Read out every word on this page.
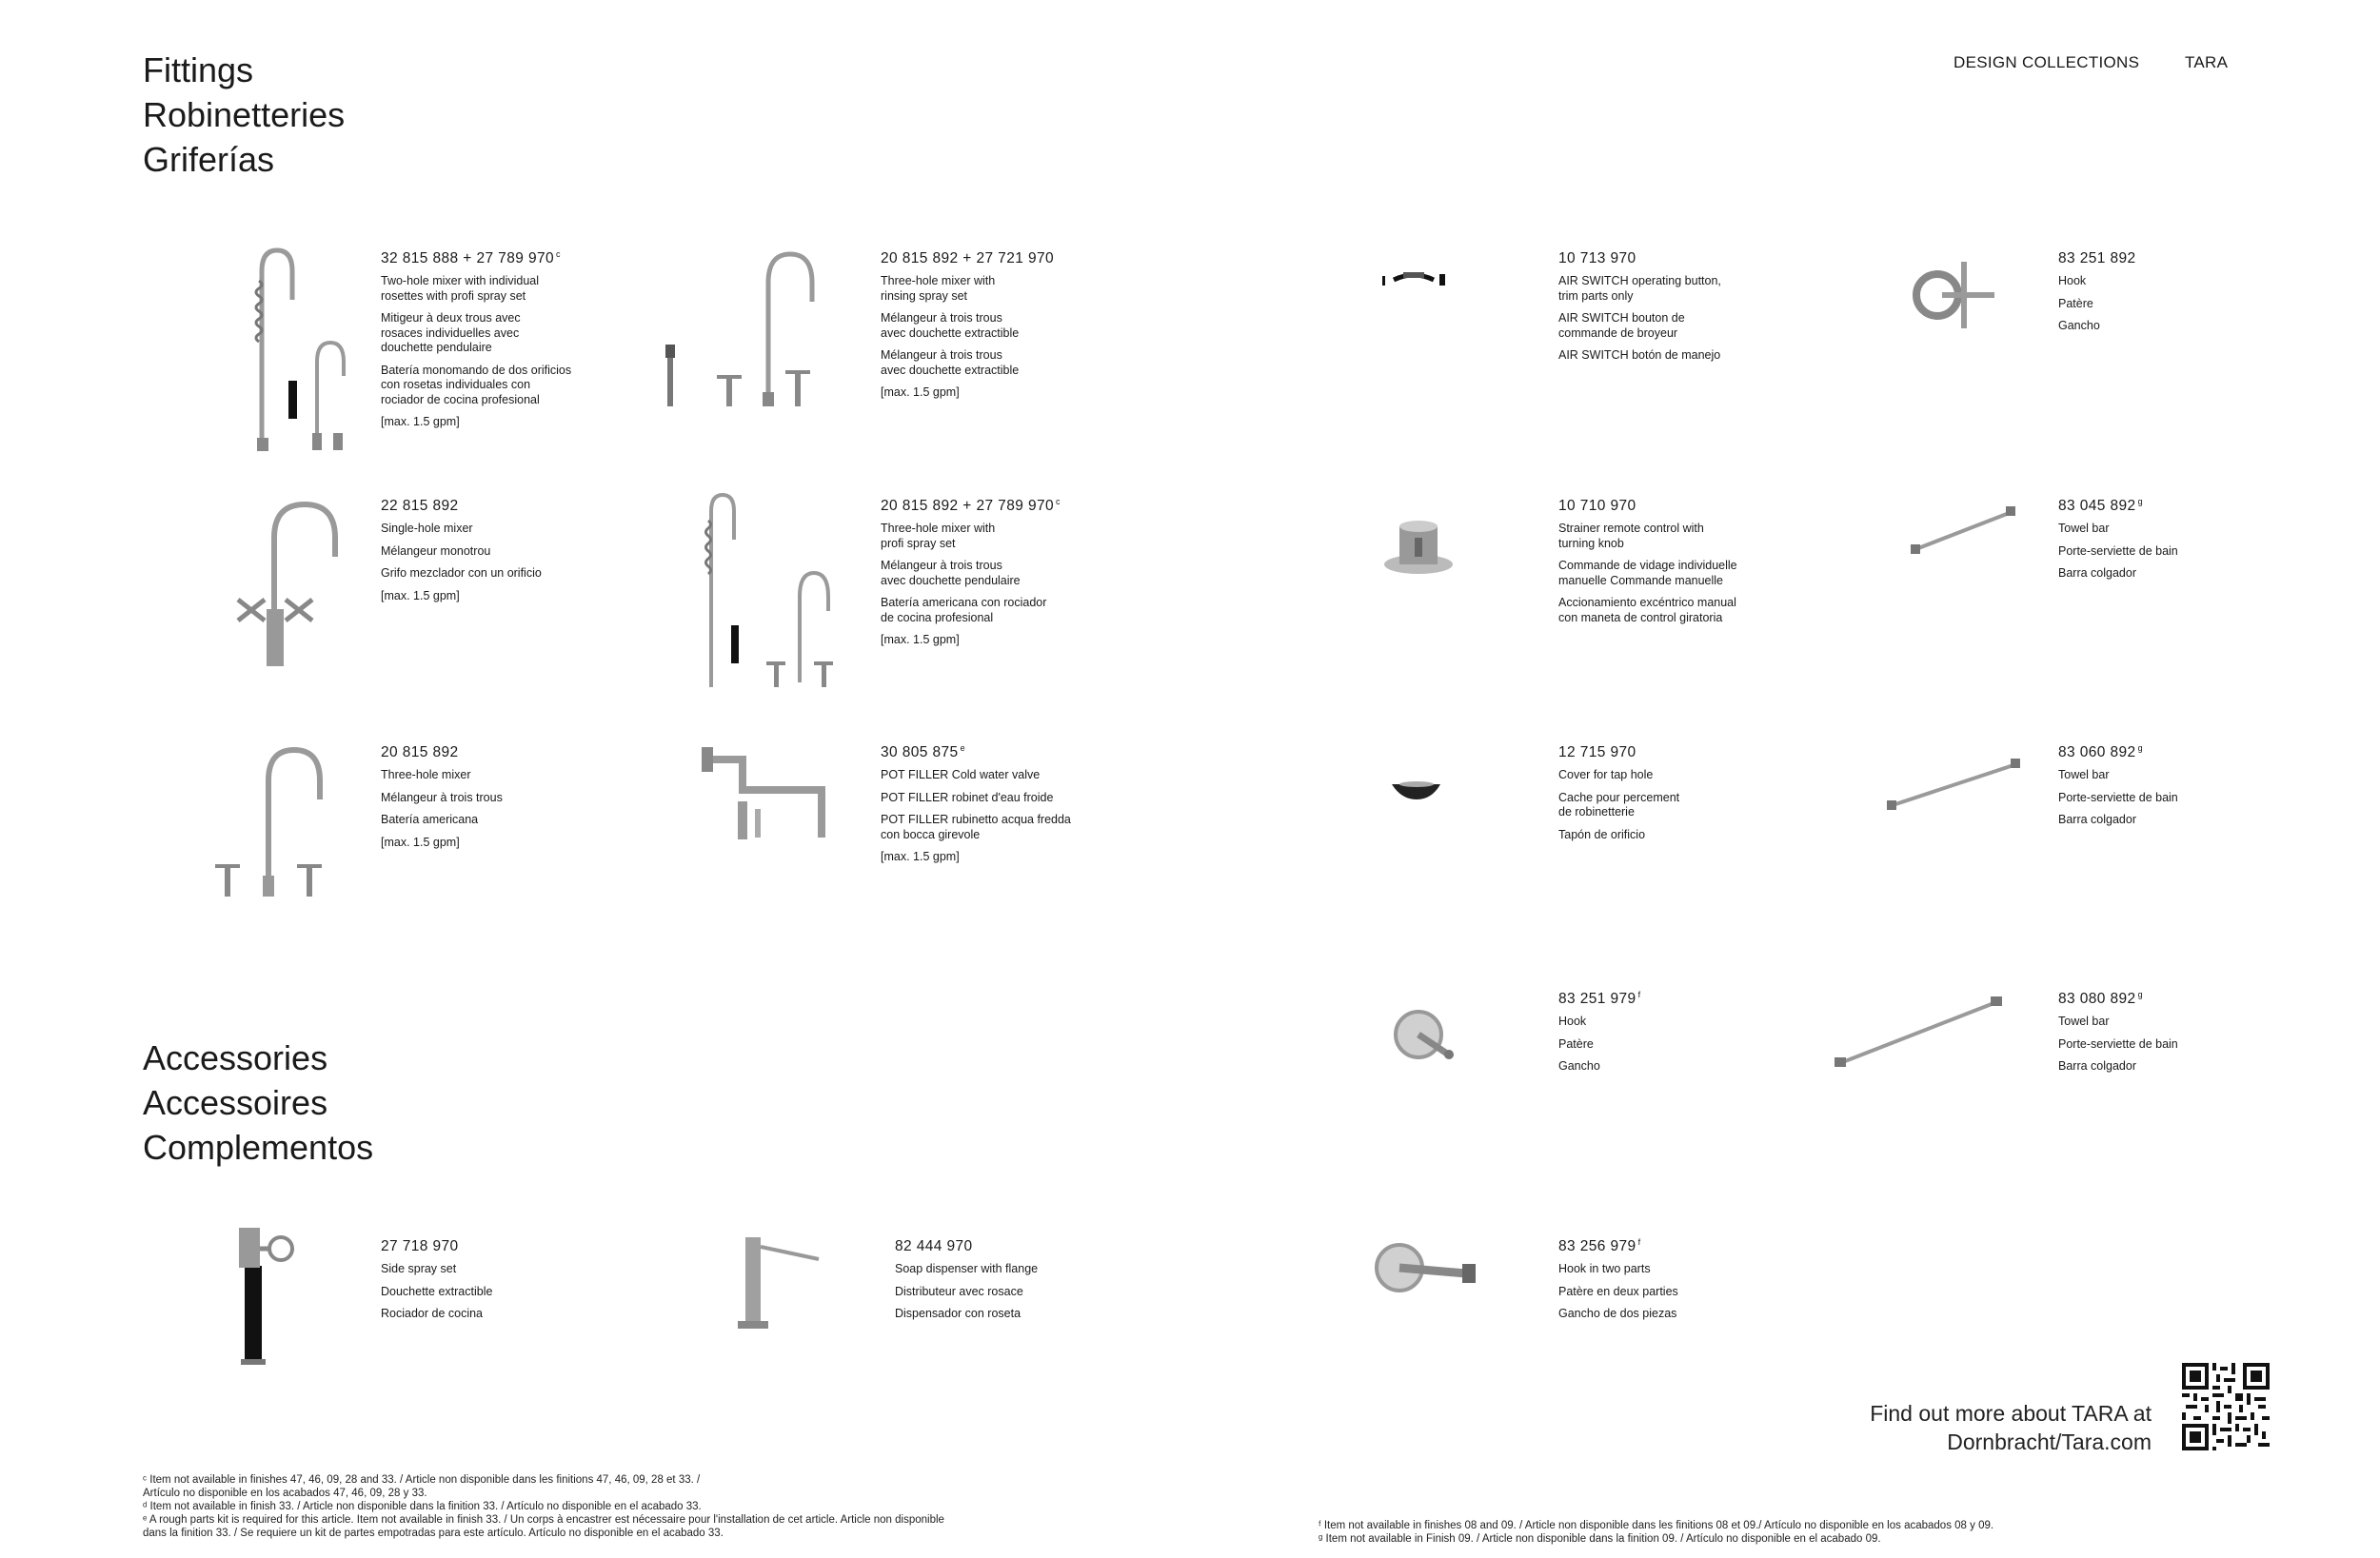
Fittings
Robinetteries
Griferías
Accessories
Accessoires
Complementos
DESIGN COLLECTIONS	TARA
32 815 888 + 27 789 970 $^c$
Two-hole mixer with individual
rosettes with profi spray set
Mitigeur à deux trous avec
rosaces individuelles avec
douchette pendulaire
Batería monomando de dos orificios
con rosetas individuales con
rociador de cocina profesional
[max. 1.5 gpm]
20 815 892 + 27 721 970
Three-hole mixer with
rinsing spray set
Mélangeur à trois trous
avec douchette extractible
Mélangeur à trois trous
avec douchette extractible
[max. 1.5 gpm]
22 815 892
Single-hole mixer
Mélangeur monotrou
Grifo mezclador con un orificio
[max. 1.5 gpm]
20 815 892 + 27 789 970 $^c$
Three-hole mixer with
profi spray set
Mélangeur à trois trous
avec douchette pendulaire
Batería americana con rociador
de cocina profesional
[max. 1.5 gpm]
20 815 892
Three-hole mixer
Mélangeur à trois trous
Batería americana
[max. 1.5 gpm]
30 805 875 $^e$
POT FILLER Cold water valve
POT FILLER robinet d'eau froide
POT FILLER rubinetto acqua fredda
con bocca girevole
[max. 1.5 gpm]
27 718 970
Side spray set
Douchette extractible
Rociador de cocina
82 444 970
Soap dispenser with flange
Distributeur avec rosace
Dispensador con roseta
10 713 970
AIR SWITCH operating button,
trim parts only
AIR SWITCH bouton de
commande de broyeur
AIR SWITCH botón de manejo
83 251 892
Hook
Patère
Gancho
10 710 970
Strainer remote control with
turning knob
Commande de vidage individuelle
manuelle Commande manuelle
Accionamiento excéntrico manual
con maneta de control giratoria
83 045 892 $^g$
Towel bar
Porte-serviette de bain
Barra colgador
12 715 970
Cover for tap hole
Cache pour percement
de robinetterie
Tapón de orificio
83 060 892 $^g$
Towel bar
Porte-serviette de bain
Barra colgador
83 251 979 $^f$
Hook
Patère
Gancho
83 080 892 $^g$
Towel bar
Porte-serviette de bain
Barra colgador
83 256 979 $^f$
Hook in two parts
Patère en deux parties
Gancho de dos piezas
Find out more about TARA at
Dornbracht/Tara.com
ᶜ Item not available in finishes 47, 46, 09, 28 and 33. / Article non disponible dans les finitions 47, 46, 09, 28 et 33. /
Artículo no disponible en los acabados 47, 46, 09, 28 y 33.
ᵈ Item not available in finish 33. / Article non disponible dans la finition 33. / Artículo no disponible en el acabado 33.
ᵉ A rough parts kit is required for this article. Item not available in finish 33. / Un corps à encastrer est nécessaire pour l'installation de cet article. Article non disponible
dans la finition 33. / Se requiere un kit de partes empotradas para este artículo. Artículo no disponible en el acabado 33.
ᶠ Item not available in finishes 08 and 09. / Article non disponible dans les finitions 08 et 09./ Artículo no disponible en los acabados 08 y 09.
ᵍ Item not available in Finish 09. / Article non disponible dans la finition 09. / Artículo no disponible en el acabado 09.
